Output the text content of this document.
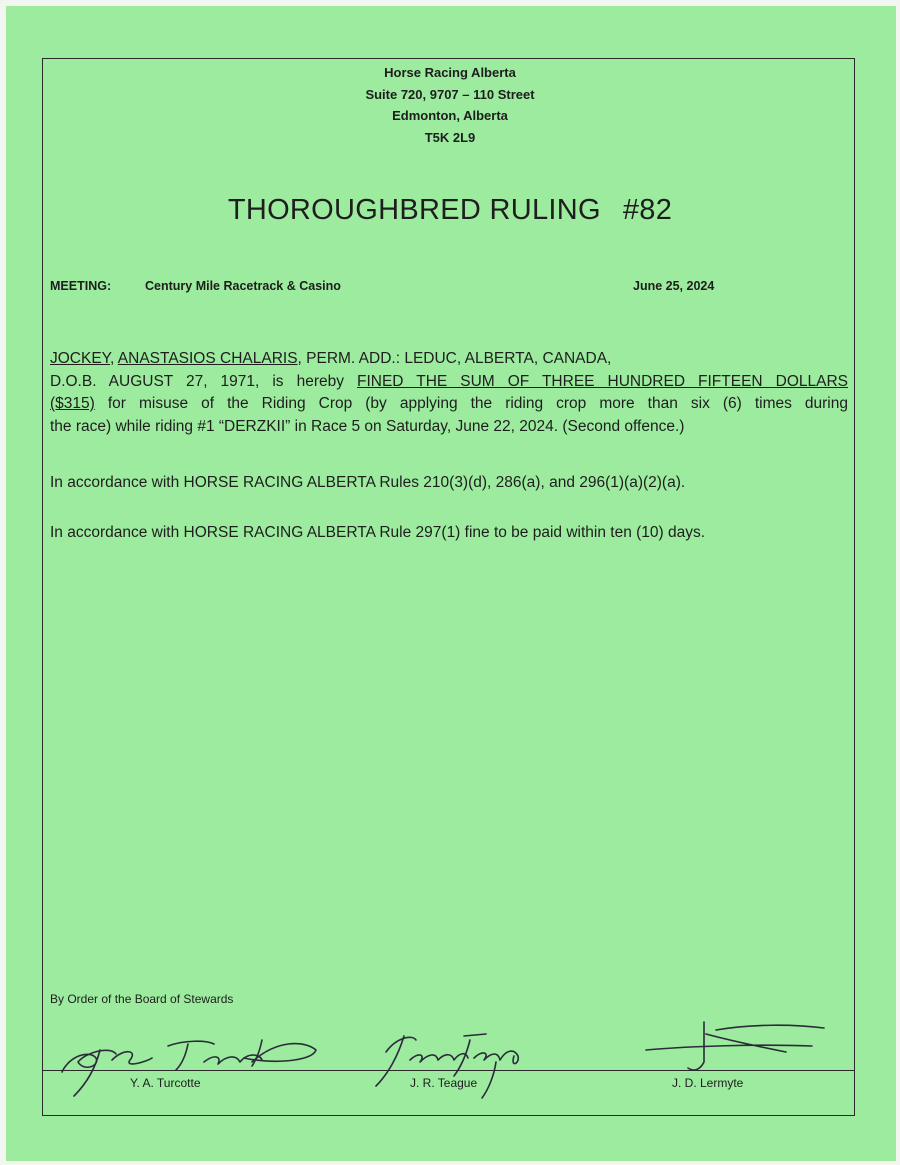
Horse Racing Alberta
Suite 720, 9707 – 110 Street
Edmonton, Alberta
T5K 2L9
THOROUGHBRED RULING #82
MEETING:	Century Mile Racetrack & Casino	June 25, 2024
JOCKEY, ANASTASIOS CHALARIS, PERM. ADD.: LEDUC, ALBERTA, CANADA,
D.O.B. AUGUST 27, 1971, is hereby FINED THE SUM OF THREE HUNDRED FIFTEEN DOLLARS
($315) for misuse of the Riding Crop (by applying the riding crop more than six (6) times during
the race) while riding #1 “DERZKII” in Race 5 on Saturday, June 22, 2024. (Second offence.)
In accordance with HORSE RACING ALBERTA Rules 210(3)(d), 286(a), and 296(1)(a)(2)(a).
In accordance with HORSE RACING ALBERTA Rule 297(1) fine to be paid within ten (10) days.
By Order of the Board of Stewards
Y. A. Turcotte	J. R. Teague	J. D. Lermyte
